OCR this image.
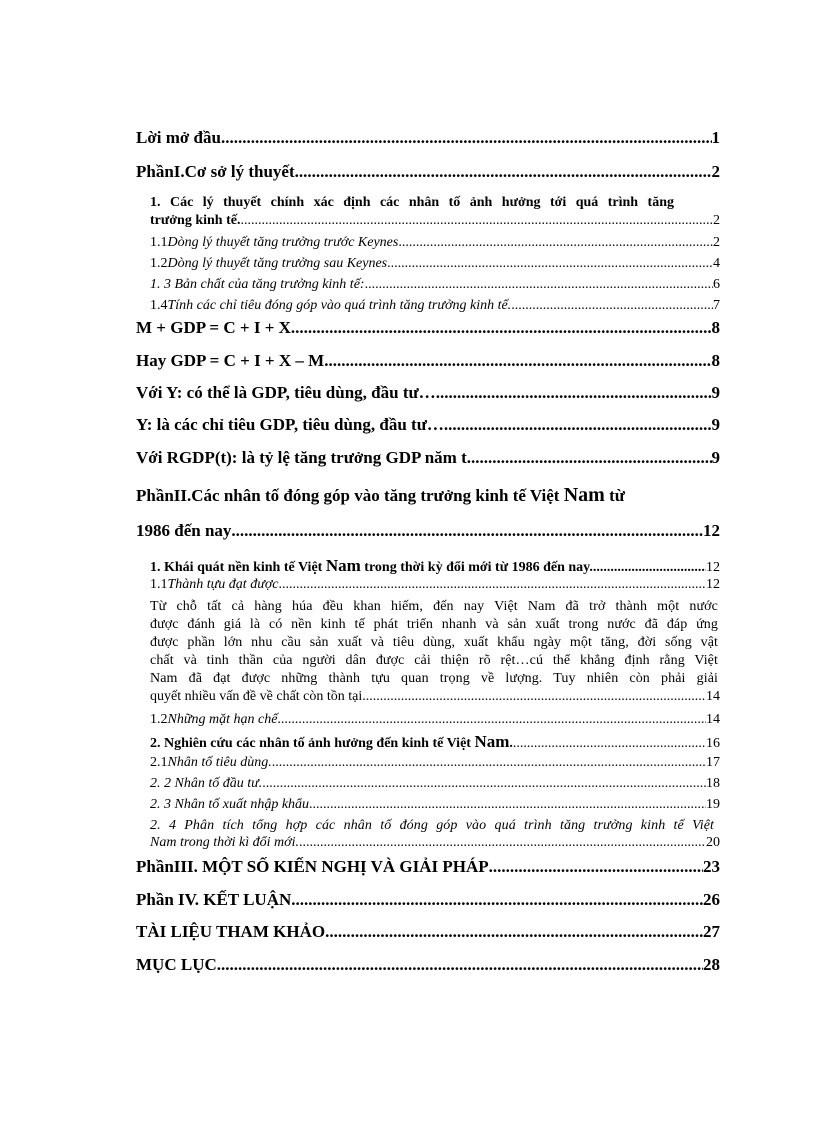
Lời mở đầu .....	1
PhầnI.Cơ sở lý thuyết .....	2
1. Các lý thuyết chính xác định các nhân tố ảnh hưởng tới quá trình tăng
trưởng kinh tế. .....	2
1.1 Dòng lý thuyết tăng trưởng trước Keynes .....	2
1.2 Dòng lý thuyết tăng trưởng sau Keynes .....	4
1. 3 Bản chất của tăng trưởng kinh tế: .....	6
1.4 Tính các chỉ tiêu đóng góp vào quá trình tăng trưởng kinh tế. .....	7
M + GDP = C + I + X .....	8
Hay GDP = C + I + X – M .....	8
Với Y: có thể là GDP, tiêu dùng, đầu tư… .....	9
Y: là các chỉ tiêu GDP, tiêu dùng, đầu tư… .....	9
Với RGDP(t): là tỷ lệ tăng trưởng GDP năm t .....	9
PhầnII.Các nhân tố đóng góp vào tăng trưởng kinh tế Việt Nam từ
1986 đến nay .....	12
1. Khái quát nền kinh tế Việt Nam trong thời kỳ đổi mới từ 1986 đến nay. .....	12
1.1 Thành tựu đạt được .....	12
Từ chỗ tất cả hàng húa đều khan hiếm, đến nay Việt Nam đã trở thành một nước
được đánh giá là có nền kinh tế phát triển nhanh và sản xuất trong nước đã đáp ứng
được phần lớn nhu cầu sản xuất và tiêu dùng, xuất khẩu ngày một tăng, đời sống vật
chất và tinh thần của người dân được cải thiện rõ rệt…cú thể khẳng định rằng Việt
Nam đã đạt được những thành tựu quan trọng về lượng. Tuy nhiên còn phải giải
quyết nhiều vấn đề về chất còn tồn tại. .....	14
1.2 Những mặt hạn chế .....	14
2. Nghiên cứu các nhân tố ảnh hưởng đến kinh tế Việt Nam. .....	16
2.1 Nhân tố tiêu dùng. .....	17
2. 2 Nhân tố đầu tư. .....	18
2. 3 Nhân tố xuất nhập khẩu .....	19
2. 4 Phân tích tổng hợp các nhân tố đóng góp vào quá trình tăng trưởng kinh tế Việt
Nam trong thời kì đổi mới. .....	20
PhầnIII. MỘT SỐ KIẾN NGHỊ VÀ GIẢI PHÁP .....	23
Phần IV. KẾT LUẬN .....	26
TÀI LIỆU THAM KHẢO .....	27
MỤC LỤC .....	28
